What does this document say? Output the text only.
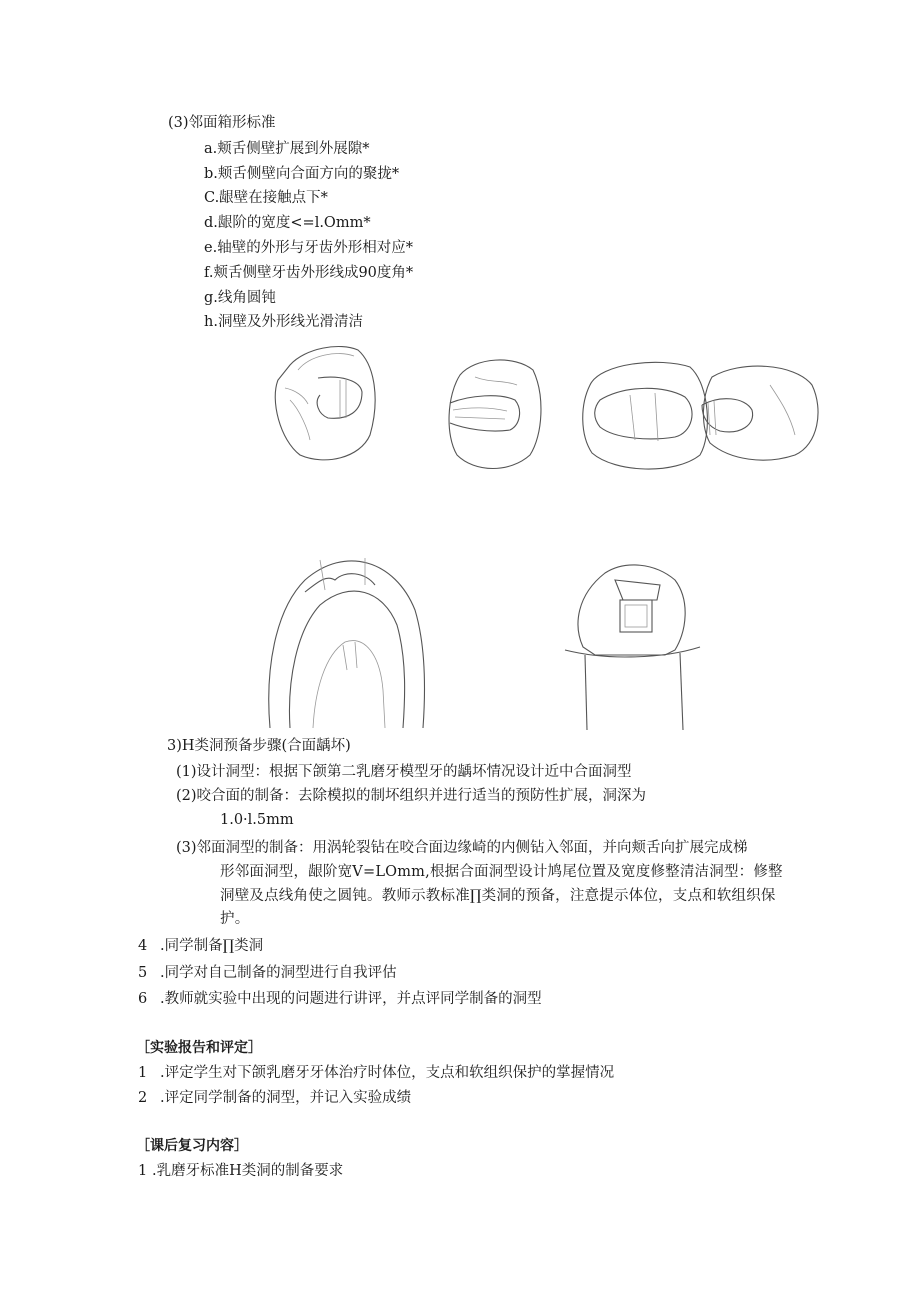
(3)邻面箱形标准
a.颊舌侧壁扩展到外展隙*
b.颊舌侧壁向合面方向的聚拢*
C.龈壁在接触点下*
d.龈阶的宽度<=l.Omm*
e.轴壁的外形与牙齿外形相对应*
f.颊舌侧壁牙齿外形线成90度角*
g.线角圆钝
h.洞壁及外形线光滑清洁
3)H类洞预备步骤(合面龋坏)
(1)设计洞型：根据下颌第二乳磨牙模型牙的龋坏情况设计近中合面洞型
(2)咬合面的制备：去除模拟的制坏组织并进行适当的预防性扩展，洞深为
1.0·l.5mm
(3)邻面洞型的制备：用涡轮裂钻在咬合面边缘崎的内侧钻入邻面，并向颊舌向扩展完成梯
形邻面洞型，龈阶宽V=LOmm,根据合面洞型设计鸠尾位置及宽度修整清洁洞型：修整洞壁及点线角使之圆钝。教师示教标准∏类洞的预备，注意提示体位，支点和软组织保护。
4 .同学制备∏类洞
5 .同学对自己制备的洞型进行自我评估
6 .教师就实验中出现的问题进行讲评，并点评同学制备的洞型
［实验报告和评定］
1 .评定学生对下颌乳磨牙牙体治疗时体位，支点和软组织保护的掌握情况
2 .评定同学制备的洞型，并记入实验成绩
［课后复习内容］
1 .乳磨牙标准H类洞的制备要求
